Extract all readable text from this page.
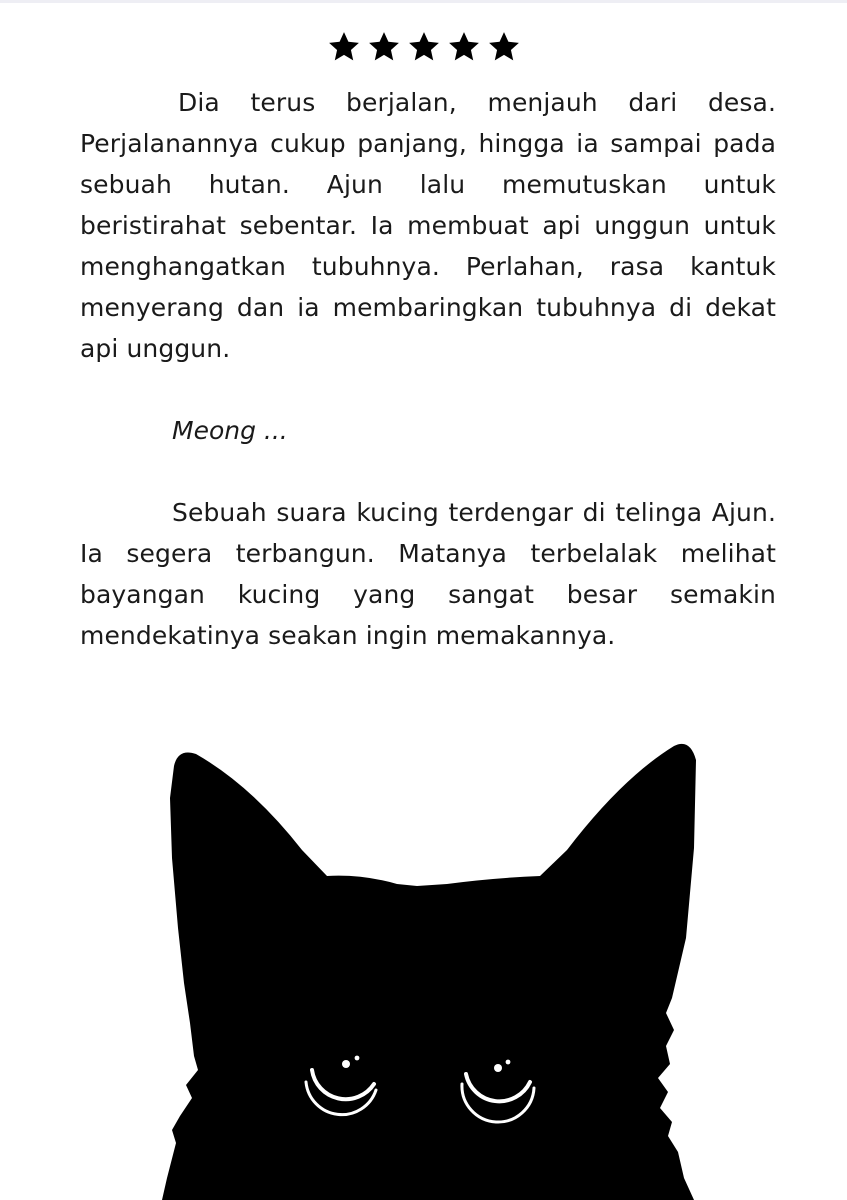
Dia terus berjalan, menjauh dari desa. Perjalanannya cukup panjang, hingga ia sampai pada sebuah hutan. Ajun lalu memutuskan untuk beristirahat sebentar. Ia membuat api unggun untuk menghangatkan tubuhnya. Perlahan, rasa kantuk menyerang dan ia membaringkan tubuhnya di dekat api unggun.

Meong ...

Sebuah suara kucing terdengar di telinga Ajun. Ia segera terbangun. Matanya terbelalak melihat bayangan kucing yang sangat besar semakin mendekatinya seakan ingin memakannya.
